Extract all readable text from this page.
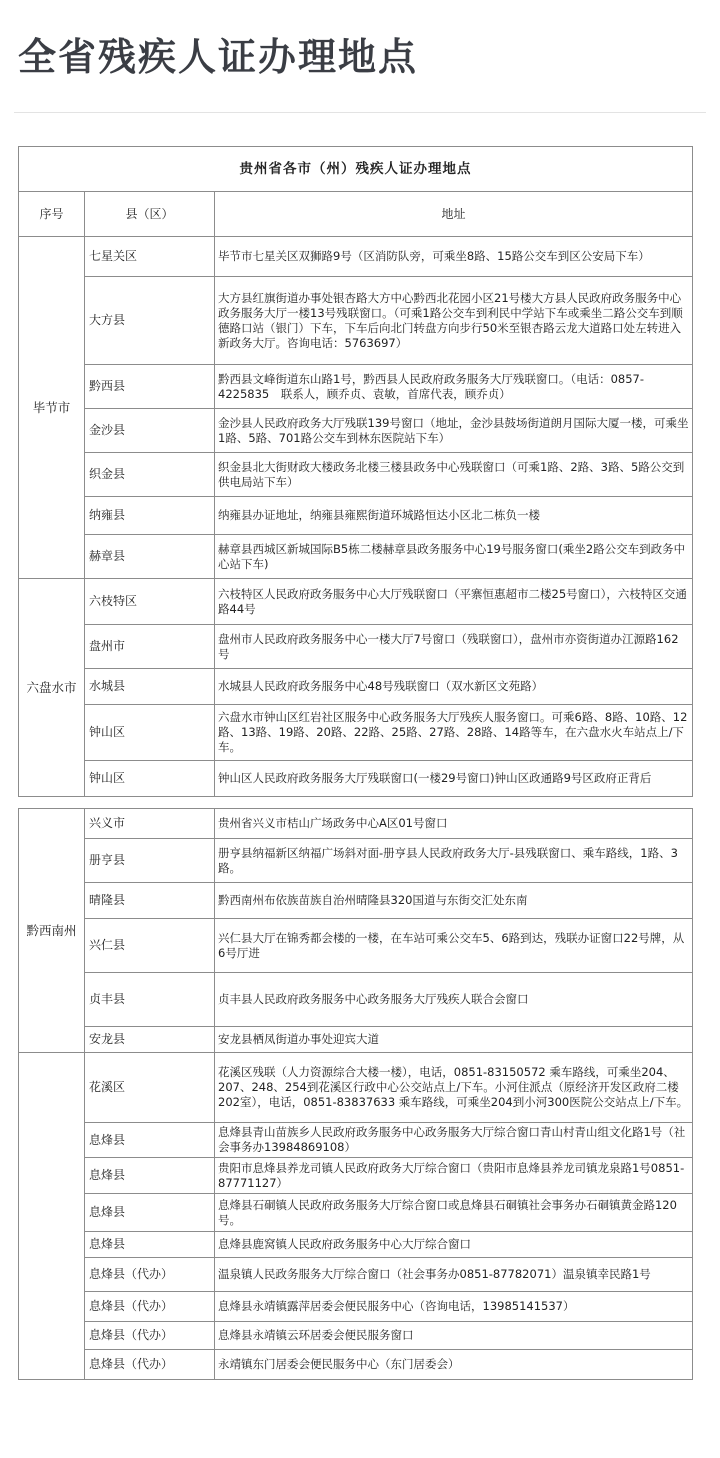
全省残疾人证办理地点
贵州省各市（州）残疾人证办理地点		
序号	县（区）	地址
毕节市	七星关区	毕节市七星关区双狮路9号（区消防队旁，可乘坐8路、15路公交车到区公安局下车）
	大方县	大方县红旗街道办事处银杏路大方中心黔西北花园小区21号楼大方县人民政府政务服务中心政务服务大厅一楼13号残联窗口。（可乘1路公交车到利民中学站下车或乘坐二路公交车到顺德路口站（银门）下车，下车后向北门转盘方向步行50米至银杏路云龙大道路口处左转进入新政务大厅。咨询电话：5763697）
	黔西县	黔西县文峰街道东山路1号，黔西县人民政府政务服务大厅残联窗口。（电话：0857-4225835　联系人，顾乔贞、袁敏，首席代表，顾乔贞）
	金沙县	金沙县人民政府政务大厅残联139号窗口（地址，金沙县鼓场街道朗月国际大厦一楼，可乘坐1路、5路、701路公交车到林东医院站下车）
	织金县	织金县北大街财政大楼政务北楼三楼县政务中心残联窗口（可乘1路、2路、3路、5路公交到供电局站下车）
	纳雍县	纳雍县办证地址，纳雍县雍熙街道环城路恒达小区北二栋负一楼
	赫章县	赫章县西城区新城国际B5栋二楼赫章县政务服务中心19号服务窗口(乘坐2路公交车到政务中心站下车)
六盘水市	六枝特区	六枝特区人民政府政务服务中心大厅残联窗口（平寨恒惠超市二楼25号窗口），六枝特区交通路44号
	盘州市	盘州市人民政府政务服务中心一楼大厅7号窗口（残联窗口），盘州市亦资街道办江源路162号
	水城县	水城县人民政府政务服务中心48号残联窗口（双水新区文苑路）
	钟山区	六盘水市钟山区红岩社区服务中心政务服务大厅残疾人服务窗口。可乘6路、8路、10路、12路、13路、19路、20路、22路、25路、27路、28路、14路等车，在六盘水火车站点上/下车。
	钟山区	钟山区人民政府政务服务大厅残联窗口(一楼29号窗口)钟山区政通路9号区政府正背后

黔西南州	兴义市	贵州省兴义市桔山广场政务中心A区01号窗口
	册亨县	册亨县纳福新区纳福广场斜对面-册亨县人民政府政务大厅-县残联窗口、乘车路线，1路、3路。
	晴隆县	黔西南州布依族苗族自治州晴隆县320国道与东街交汇处东南
	兴仁县	兴仁县大厅在锦秀都会楼的一楼，在车站可乘公交车5、6路到达，残联办证窗口22号牌，从6号厅进
	贞丰县	贞丰县人民政府政务服务中心政务服务大厅残疾人联合会窗口
	安龙县	安龙县栖凤街道办事处迎宾大道
	花溪区	花溪区残联（人力资源综合大楼一楼），电话，0851-83150572 乘车路线，可乘坐204、207、248、254到花溪区行政中心公交站点上/下车。小河住派点（原经济开发区政府二楼202室），电话，0851-83837633 乘车路线，可乘坐204到小河300医院公交站点上/下车。
	息烽县	息烽县青山苗族乡人民政府政务服务中心政务服务大厅综合窗口青山村青山组文化路1号（社会事务办13984869108）
	息烽县	贵阳市息烽县养龙司镇人民政府政务大厅综合窗口（贵阳市息烽县养龙司镇龙泉路1号0851-87771127）
	息烽县	息烽县石硐镇人民政府政务服务大厅综合窗口或息烽县石硐镇社会事务办石硐镇黄金路120号。
	息烽县	息烽县鹿窝镇人民政府政务服务中心大厅综合窗口
	息烽县（代办）	温泉镇人民政务服务大厅综合窗口（社会事务办0851-87782071）温泉镇幸民路1号
	息烽县（代办）	息烽县永靖镇露萍居委会便民服务中心（咨询电话，13985141537）
	息烽县（代办）	息烽县永靖镇云环居委会便民服务窗口
	息烽县（代办）	永靖镇东门居委会便民服务中心（东门居委会）
